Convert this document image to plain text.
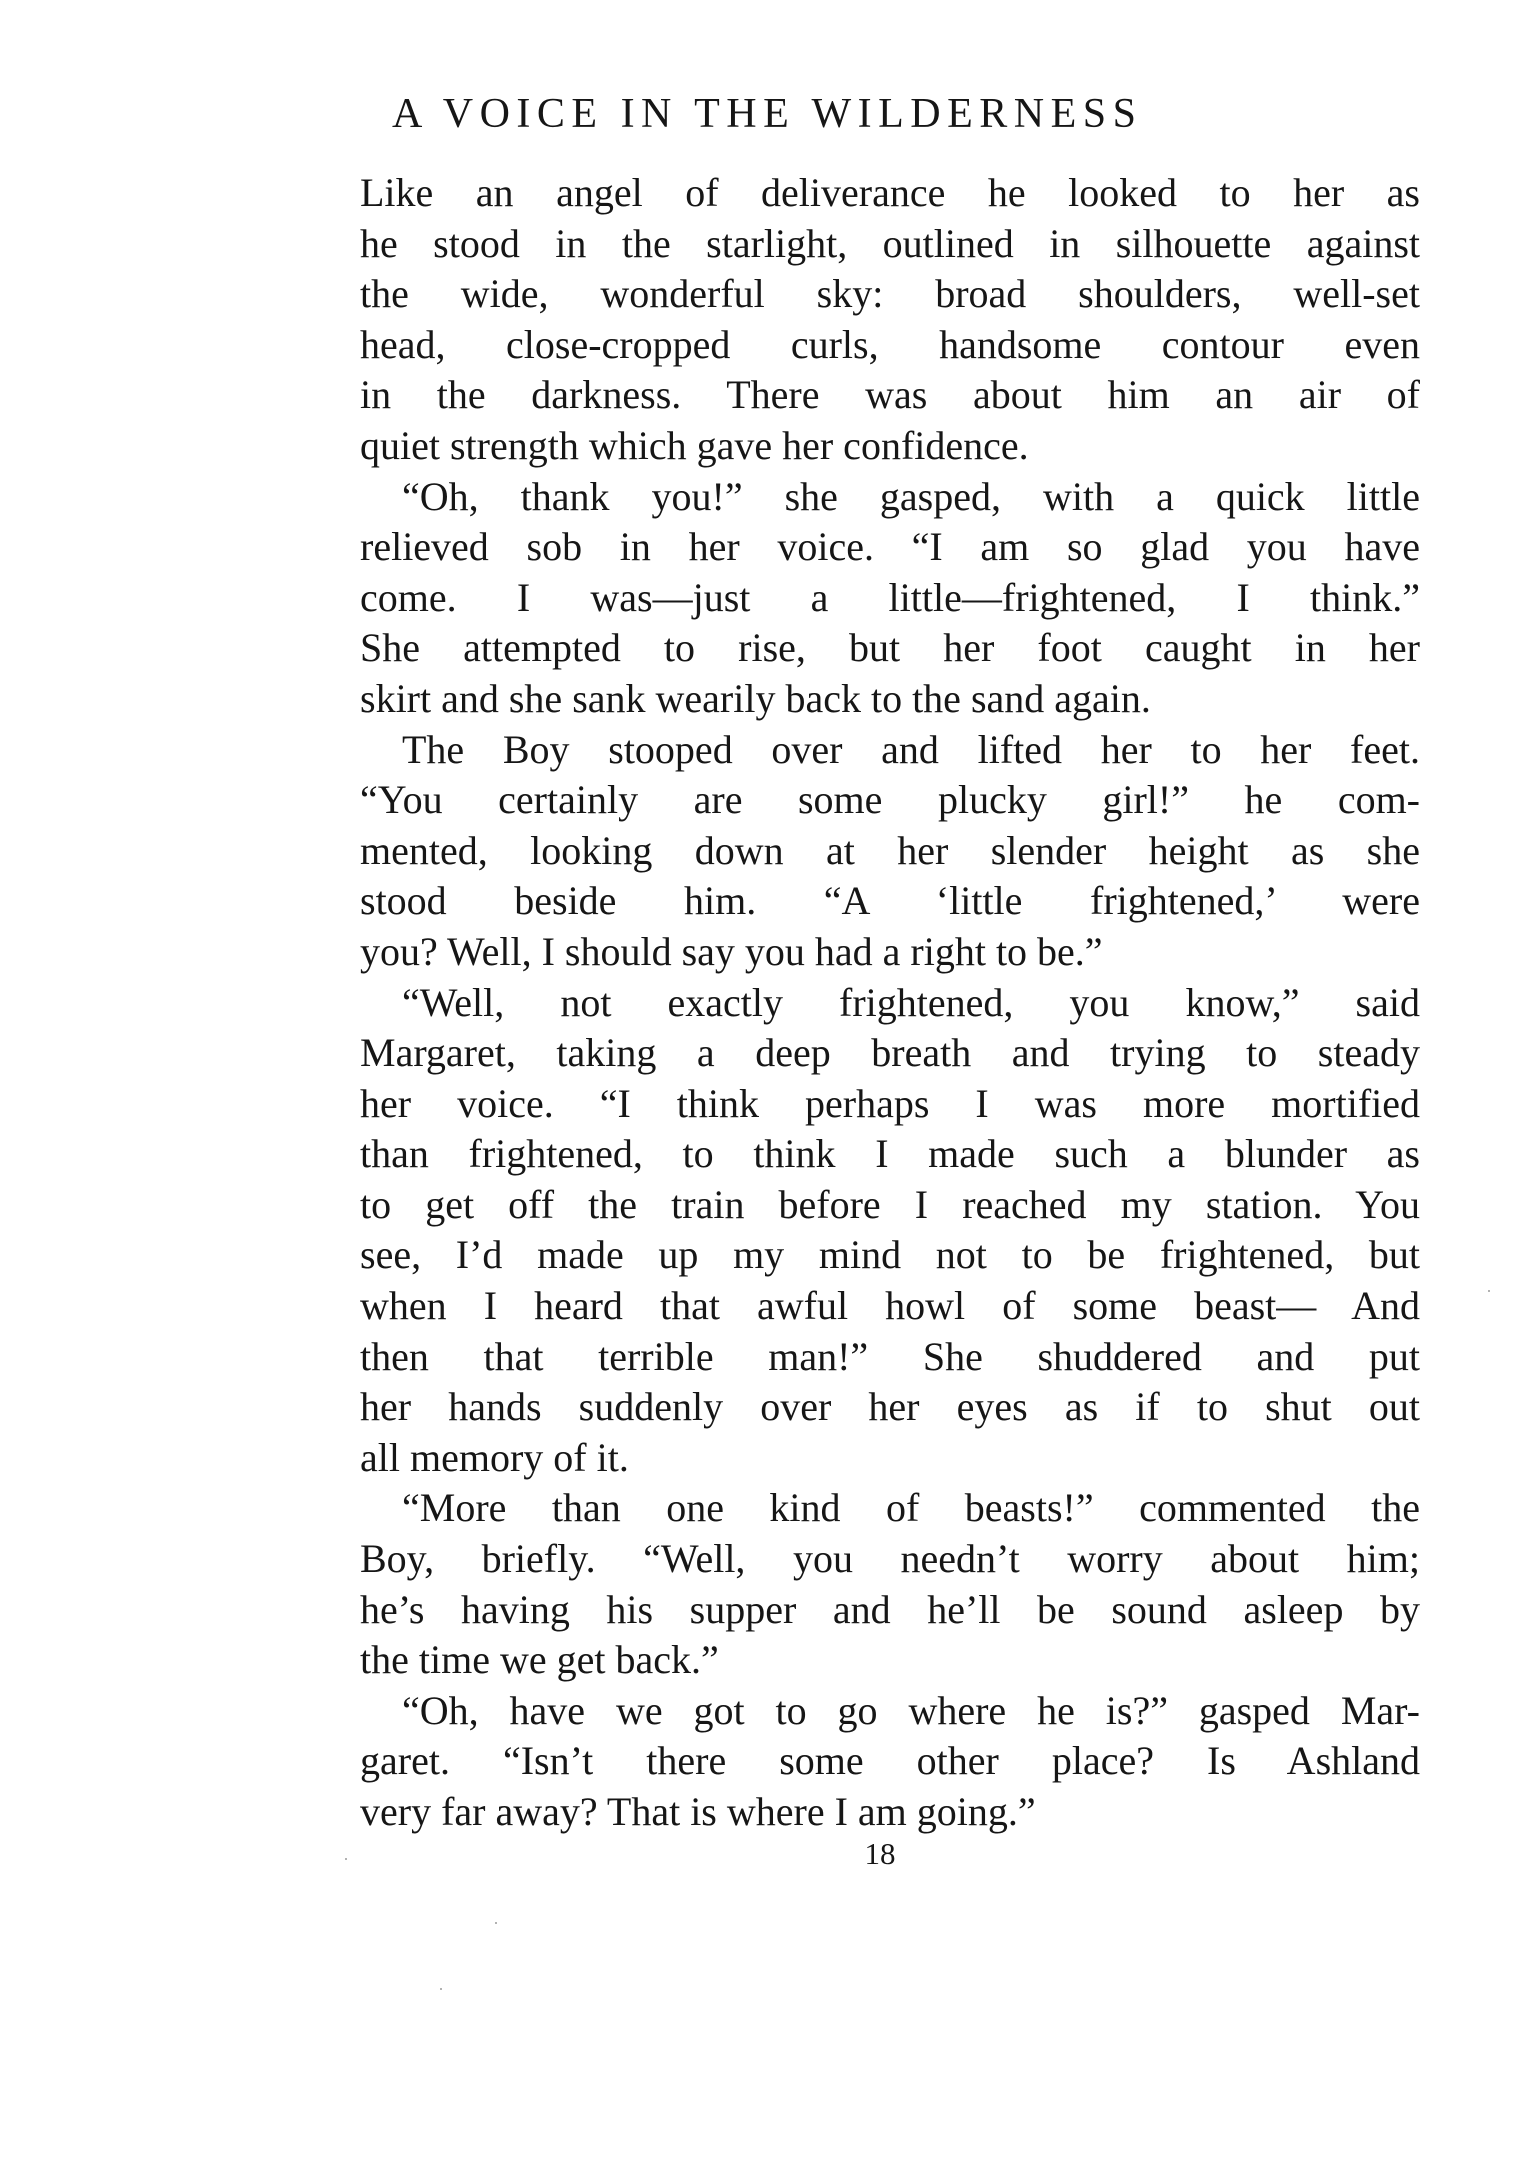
A VOICE IN THE WILDERNESS

Like an angel of deliverance he looked to her as
he stood in the starlight, outlined in silhouette against
the wide, wonderful sky: broad shoulders, well-set
head, close-cropped curls, handsome contour even
in the darkness. There was about him an air of
quiet strength which gave her confidence.

“Oh, thank you!” she gasped, with a quick little
relieved sob in her voice. “I am so glad you have
come. I was—just a little—frightened, I think.”
She attempted to rise, but her foot caught in her
skirt and she sank wearily back to the sand again.

The Boy stooped over and lifted her to her feet.
“You certainly are some plucky girl!” he com-
mented, looking down at her slender height as she
stood beside him. “A ‘little frightened,’ were
you? Well, I should say you had a right to be.”

“Well, not exactly frightened, you know,” said
Margaret, taking a deep breath and trying to steady
her voice. “I think perhaps I was more mortified
than frightened, to think I made such a blunder as
to get off the train before I reached my station. You
see, I’d made up my mind not to be frightened, but
when I heard that awful howl of some beast— And
then that terrible man!” She shuddered and put
her hands suddenly over her eyes as if to shut out
all memory of it.

“More than one kind of beasts!” commented the
Boy, briefly. “Well, you needn’t worry about him;
he’s having his supper and he’ll be sound asleep by
the time we get back.”

“Oh, have we got to go where he is?” gasped Mar-
garet. “Isn’t there some other place? Is Ashland
very far away? That is where I am going.”

18
